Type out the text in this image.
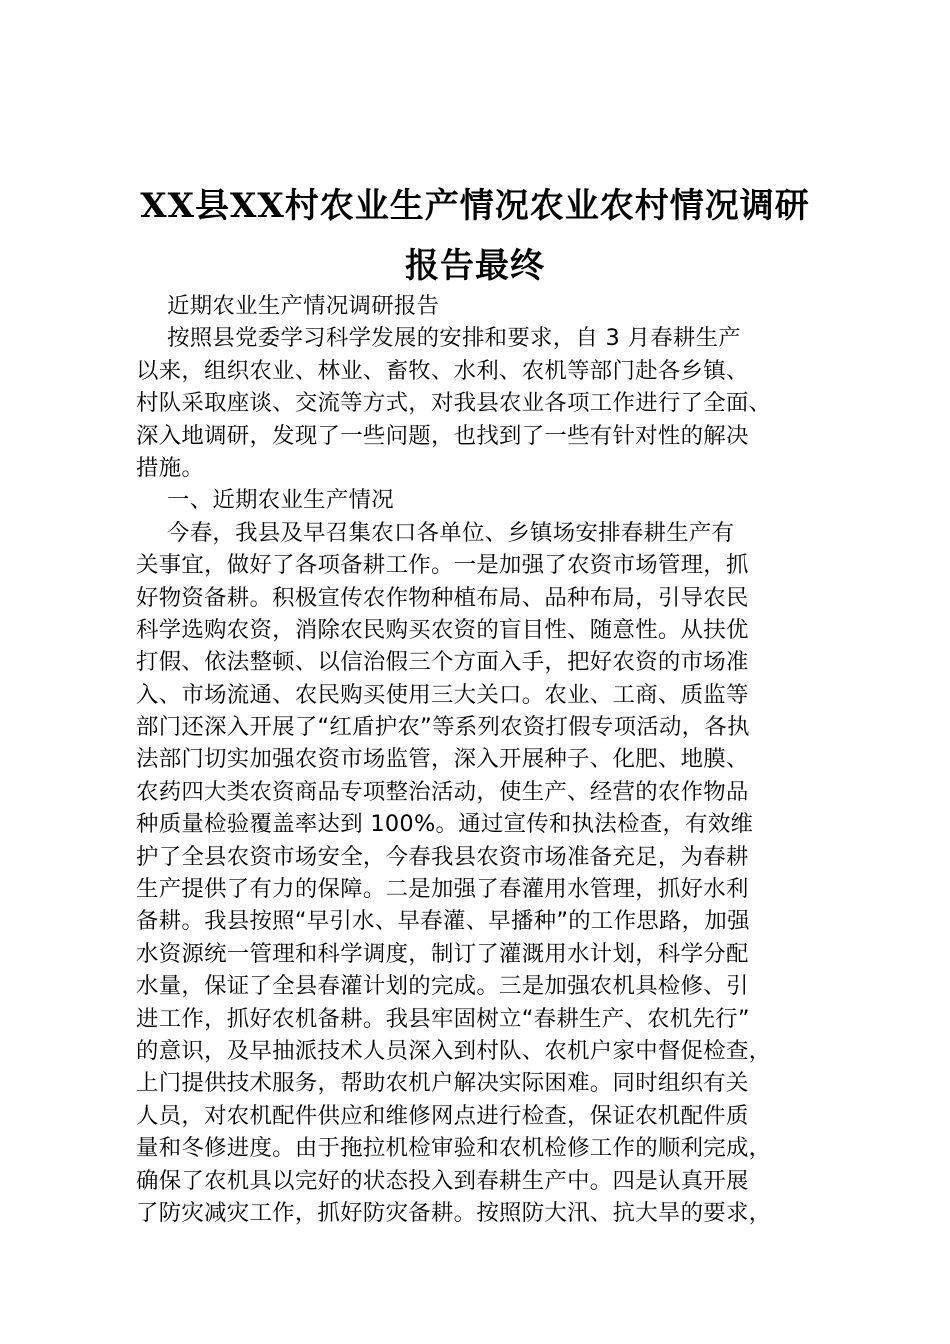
XX县XX村农业生产情况农业农村情况调研
报告最终
近期农业生产情况调研报告
按照县党委学习科学发展的安排和要求，自 3 月春耕生产
以来，组织农业、林业、畜牧、水利、农机等部门赴各乡镇、
村队采取座谈、交流等方式，对我县农业各项工作进行了全面、
深入地调研，发现了一些问题，也找到了一些有针对性的解决
措施。
一、近期农业生产情况
今春，我县及早召集农口各单位、乡镇场安排春耕生产有
关事宜，做好了各项备耕工作。一是加强了农资市场管理，抓
好物资备耕。积极宣传农作物种植布局、品种布局，引导农民
科学选购农资，消除农民购买农资的盲目性、随意性。从扶优
打假、依法整顿、以信治假三个方面入手，把好农资的市场准
入、市场流通、农民购买使用三大关口。农业、工商、质监等
部门还深入开展了“红盾护农”等系列农资打假专项活动，各执
法部门切实加强农资市场监管，深入开展种子、化肥、地膜、
农药四大类农资商品专项整治活动，使生产、经营的农作物品
种质量检验覆盖率达到 100%。通过宣传和执法检查，有效维
护了全县农资市场安全，今春我县农资市场准备充足，为春耕
生产提供了有力的保障。二是加强了春灌用水管理，抓好水利
备耕。我县按照“早引水、早春灌、早播种”的工作思路，加强
水资源统一管理和科学调度，制订了灌溉用水计划，科学分配
水量，保证了全县春灌计划的完成。三是加强农机具检修、引
进工作，抓好农机备耕。我县牢固树立“春耕生产、农机先行”
的意识，及早抽派技术人员深入到村队、农机户家中督促检查，
上门提供技术服务，帮助农机户解决实际困难。同时组织有关
人员，对农机配件供应和维修网点进行检查，保证农机配件质
量和冬修进度。由于拖拉机检审验和农机检修工作的顺利完成，
确保了农机具以完好的状态投入到春耕生产中。四是认真开展
了防灾减灾工作，抓好防灾备耕。按照防大汛、抗大旱的要求，
